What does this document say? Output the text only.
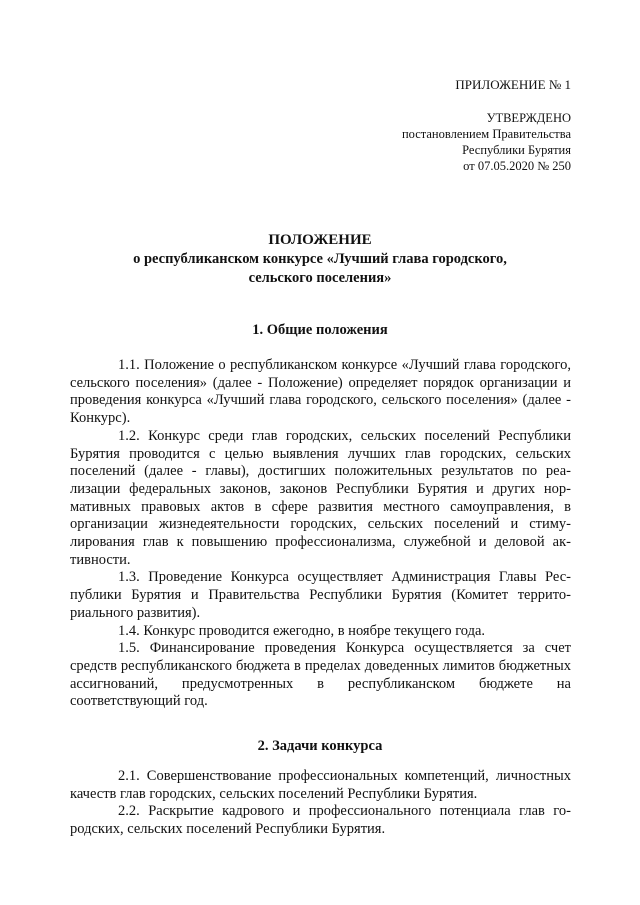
ПРИЛОЖЕНИЕ № 1
УТВЕРЖДЕНО
постановлением Правительства
Республики Бурятия
от 07.05.2020 № 250
ПОЛОЖЕНИЕ
о республиканском конкурсе «Лучший глава городского,
сельского поселения»
1. Общие положения

1.1. Положение о республиканском конкурсе «Лучший глава городского, сельского поселения» (далее - Положение) определяет порядок организации и проведения конкурса «Лучший глава городского, сельского поселения» (далее - Конкурс).

1.2. Конкурс среди глав городских, сельских поселений Республики Бурятия проводится с целью выявления лучших глав городских, сельских поселений (далее - главы), достигших положительных результатов по реализации федеральных законов, законов Республики Бурятия и других нормативных правовых актов в сфере развития местного самоуправления, в организации жизнедеятельности городских, сельских поселений и стимулирования глав к повышению профессионализма, служебной и деловой активности.

1.3. Проведение Конкурса осуществляет Администрация Главы Республики Бурятия и Правительства Республики Бурятия (Комитет территориального развития).

1.4. Конкурс проводится ежегодно, в ноябре текущего года.

1.5. Финансирование проведения Конкурса осуществляется за счет средств республиканского бюджета в пределах доведенных лимитов бюджетных ассигнований, предусмотренных в республиканском бюджете на соответствующий год.

2. Задачи конкурса

2.1. Совершенствование профессиональных компетенций, личностных качеств глав городских, сельских поселений Республики Бурятия.

2.2. Раскрытие кадрового и профессионального потенциала глав городских, сельских поселений Республики Бурятия.
